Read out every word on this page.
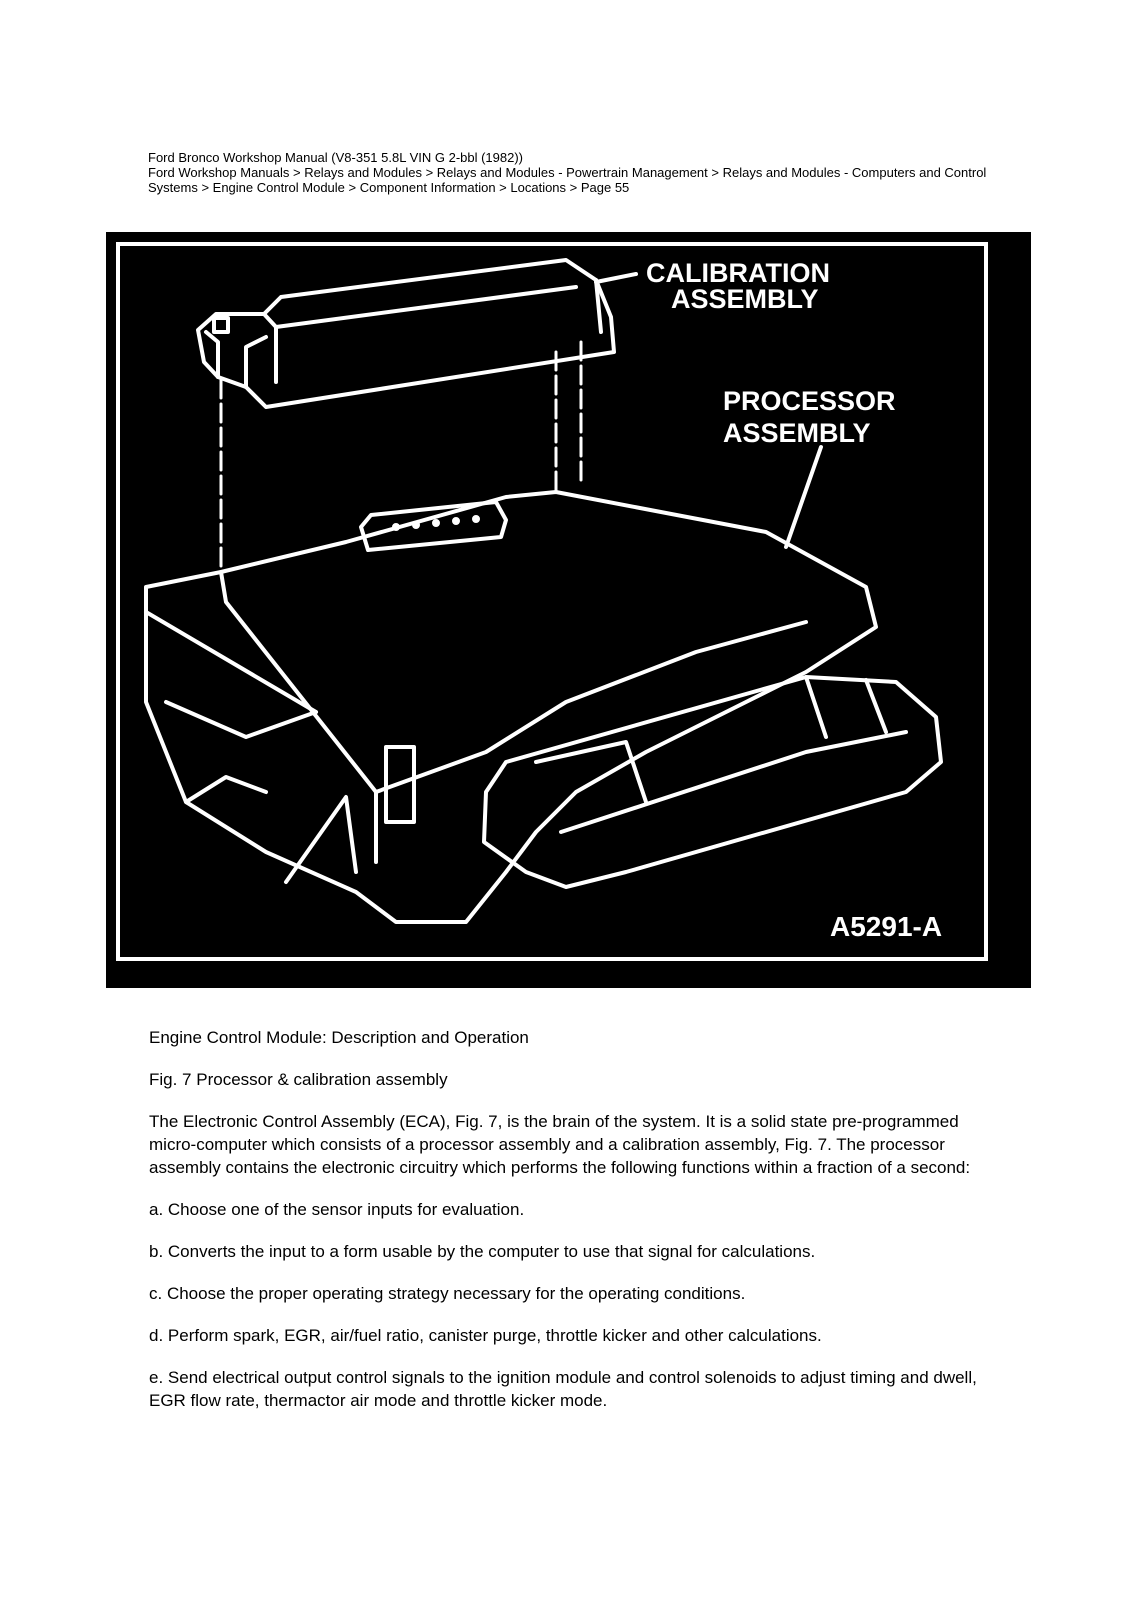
Ford Bronco Workshop Manual (V8-351 5.8L VIN G 2-bbl (1982))
Ford Workshop Manuals > Relays and Modules > Relays and Modules - Powertrain Management > Relays and Modules - Computers and Control Systems > Engine Control Module > Component Information > Locations > Page 55
CALIBRATION
ASSEMBLY
PROCESSOR
ASSEMBLY
A5291-A

Engine Control Module: Description and Operation

Fig. 7 Processor & calibration assembly

The Electronic Control Assembly (ECA), Fig. 7, is the brain of the system. It is a solid state pre-programmed micro-computer which consists of a processor assembly and a calibration assembly, Fig. 7. The processor assembly contains the electronic circuitry which performs the following functions within a fraction of a second:

a. Choose one of the sensor inputs for evaluation.

b. Converts the input to a form usable by the computer to use that signal for calculations.

c. Choose the proper operating strategy necessary for the operating conditions.

d. Perform spark, EGR, air/fuel ratio, canister purge, throttle kicker and other calculations.

e. Send electrical output control signals to the ignition module and control solenoids to adjust timing and dwell, EGR flow rate, thermactor air mode and throttle kicker mode.
